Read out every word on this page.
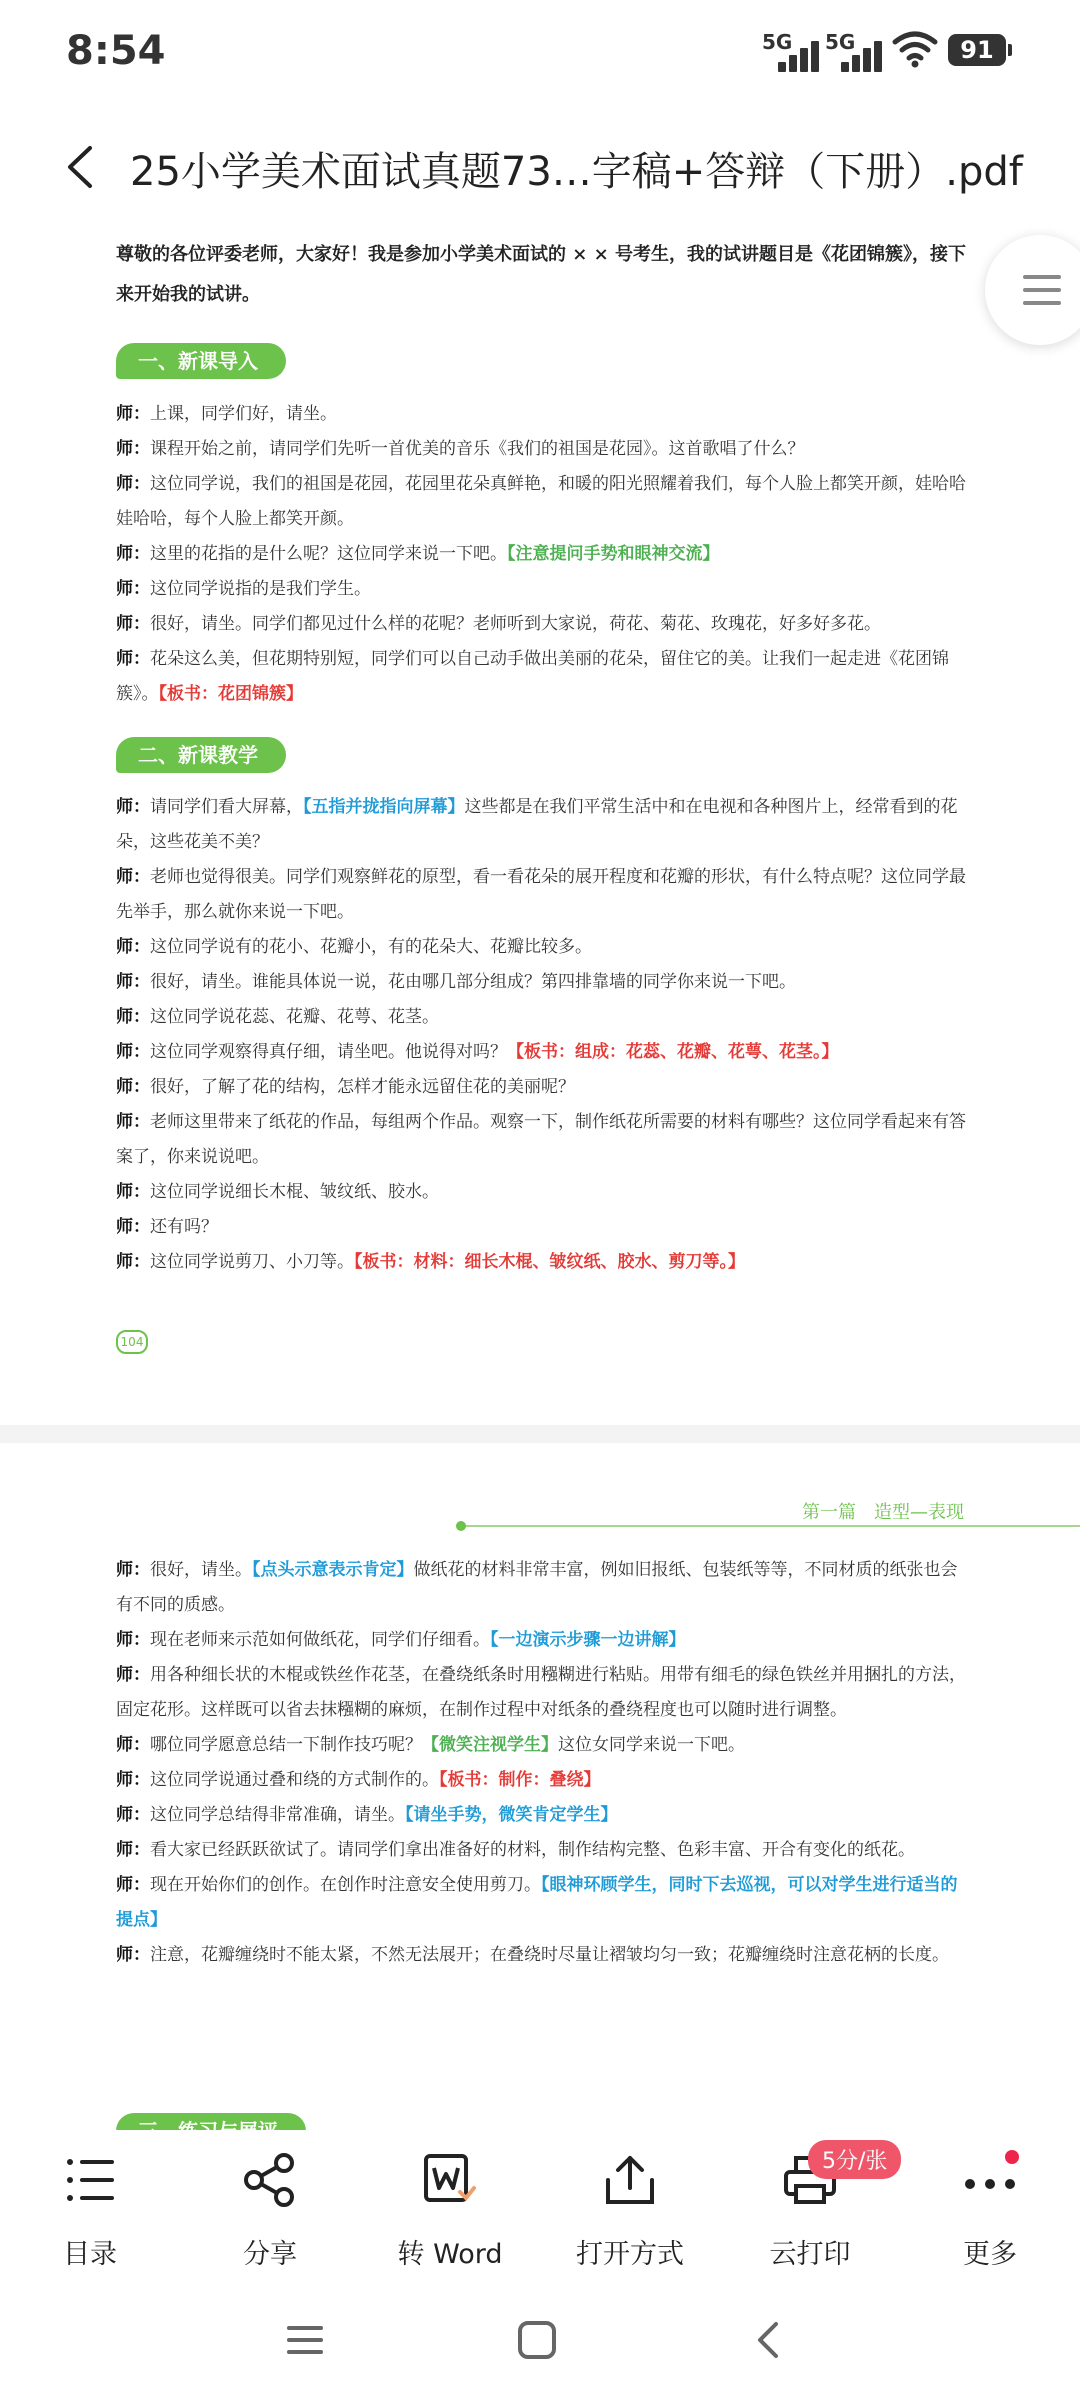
8:54	5G 5G	91
25小学美术面试真题73…字稿+答辩（下册）.pdf
尊敬的各位评委老师，大家好！我是参加小学美术面试的 × × 号考生，我的试讲题目是《花团锦簇》，接下来开始我的试讲。
一、新课导入
师：上课，同学们好，请坐。
师：课程开始之前，请同学们先听一首优美的音乐《我们的祖国是花园》。这首歌唱了什么？
师：这位同学说，我们的祖国是花园，花园里花朵真鲜艳，和暖的阳光照耀着我们，每个人脸上都笑开颜，娃哈哈娃哈哈，每个人脸上都笑开颜。
师：这里的花指的是什么呢？这位同学来说一下吧。【注意提问手势和眼神交流】
师：这位同学说指的是我们学生。
师：很好，请坐。同学们都见过什么样的花呢？老师听到大家说，荷花、菊花、玫瑰花，好多好多花。
师：花朵这么美，但花期特别短，同学们可以自己动手做出美丽的花朵，留住它的美。让我们一起走进《花团锦簇》。【板书：花团锦簇】
二、新课教学
师：请同学们看大屏幕，【五指并拢指向屏幕】这些都是在我们平常生活中和在电视和各种图片上，经常看到的花朵，这些花美不美？
师：老师也觉得很美。同学们观察鲜花的原型，看一看花朵的展开程度和花瓣的形状，有什么特点呢？这位同学最先举手，那么就你来说一下吧。
师：这位同学说有的花小、花瓣小，有的花朵大、花瓣比较多。
师：很好，请坐。谁能具体说一说，花由哪几部分组成？第四排靠墙的同学你来说一下吧。
师：这位同学说花蕊、花瓣、花萼、花茎。
师：这位同学观察得真仔细，请坐吧。他说得对吗？【板书：组成：花蕊、花瓣、花萼、花茎。】
师：很好，了解了花的结构，怎样才能永远留住花的美丽呢？
师：老师这里带来了纸花的作品，每组两个作品。观察一下，制作纸花所需要的材料有哪些？这位同学看起来有答案了，你来说说吧。
师：这位同学说细长木棍、皱纹纸、胶水。
师：还有吗？
师：这位同学说剪刀、小刀等。【板书：材料：细长木棍、皱纹纸、胶水、剪刀等。】
104
第一篇　造型—表现
师：很好，请坐。【点头示意表示肯定】做纸花的材料非常丰富，例如旧报纸、包装纸等等，不同材质的纸张也会有不同的质感。
师：现在老师来示范如何做纸花，同学们仔细看。【一边演示步骤一边讲解】
师：用各种细长状的木棍或铁丝作花茎，在叠绕纸条时用糨糊进行粘贴。用带有细毛的绿色铁丝并用捆扎的方法，固定花形。这样既可以省去抹糨糊的麻烦，在制作过程中对纸条的叠绕程度也可以随时进行调整。
师：哪位同学愿意总结一下制作技巧呢？【微笑注视学生】这位女同学来说一下吧。
师：这位同学说通过叠和绕的方式制作的。【板书：制作：叠绕】
师：这位同学总结得非常准确，请坐。【请坐手势，微笑肯定学生】
师：看大家已经跃跃欲试了。请同学们拿出准备好的材料，制作结构完整、色彩丰富、开合有变化的纸花。
师：现在开始你们的创作。在创作时注意安全使用剪刀。【眼神环顾学生，同时下去巡视，可以对学生进行适当的提点】
师：注意，花瓣缠绕时不能太紧，不然无法展开；在叠绕时尽量让褶皱均匀一致；花瓣缠绕时注意花柄的长度。
目录	分享	转 Word	打开方式	云打印	更多
5分/张
